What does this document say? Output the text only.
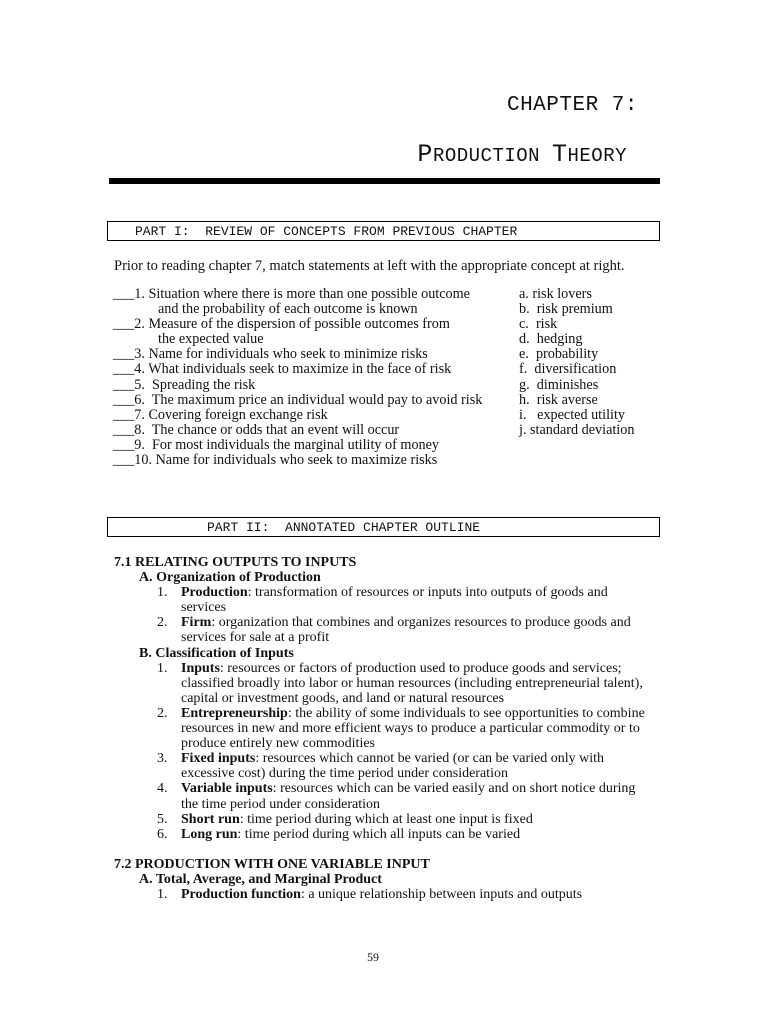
CHAPTER 7:
PRODUCTION THEORY
PART I:  REVIEW OF CONCEPTS FROM PREVIOUS CHAPTER
Prior to reading chapter 7, match statements at left with the appropriate concept at right.
___1. Situation where there is more than one possible outcome
and the probability of each outcome is known
___2. Measure of the dispersion of possible outcomes from
the expected value
___3. Name for individuals who seek to minimize risks
___4. What individuals seek to maximize in the face of risk
___5.  Spreading the risk
___6.  The maximum price an individual would pay to avoid risk
___7. Covering foreign exchange risk
___8.  The chance or odds that an event will occur
___9.  For most individuals the marginal utility of money
___10. Name for individuals who seek to maximize risks
a. risk lovers
b.  risk premium
c.  risk
d.  hedging
e.  probability
f.  diversification
g.  diminishes
h.  risk averse
i.   expected utility
j. standard deviation
PART II:  ANNOTATED CHAPTER OUTLINE
7.1 RELATING OUTPUTS TO INPUTS
A. Organization of Production
1. Production: transformation of resources or inputs into outputs of goods and services
2. Firm: organization that combines and organizes resources to produce goods and services for sale at a profit
B. Classification of Inputs
1. Inputs: resources or factors of production used to produce goods and services; classified broadly into labor or human resources (including entrepreneurial talent), capital or investment goods, and land or natural resources
2. Entrepreneurship: the ability of some individuals to see opportunities to combine resources in new and more efficient ways to produce a particular commodity or to produce entirely new commodities
3. Fixed inputs: resources which cannot be varied (or can be varied only with excessive cost) during the time period under consideration
4. Variable inputs: resources which can be varied easily and on short notice during the time period under consideration
5. Short run: time period during which at least one input is fixed
6. Long run: time period during which all inputs can be varied
7.2 PRODUCTION WITH ONE VARIABLE INPUT
A. Total, Average, and Marginal Product
1. Production function: a unique relationship between inputs and outputs
59
